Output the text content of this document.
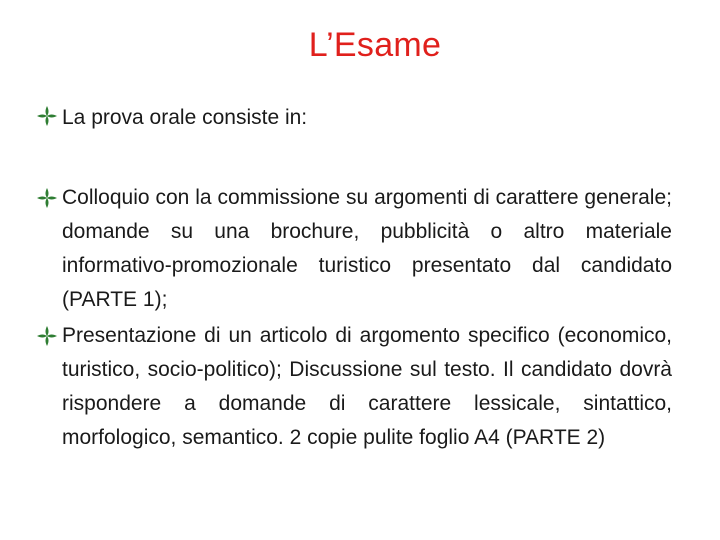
L’Esame
La prova orale consiste in:
Colloquio con la commissione su argomenti di carattere generale; domande su una brochure, pubblicità o altro materiale informativo-promozionale turistico presentato dal candidato (PARTE 1);
Presentazione di un articolo di argomento specifico (economico, turistico, socio-politico); Discussione sul testo. Il candidato dovrà rispondere a domande di carattere lessicale, sintattico, morfologico, semantico. 2 copie pulite foglio A4 (PARTE 2)
